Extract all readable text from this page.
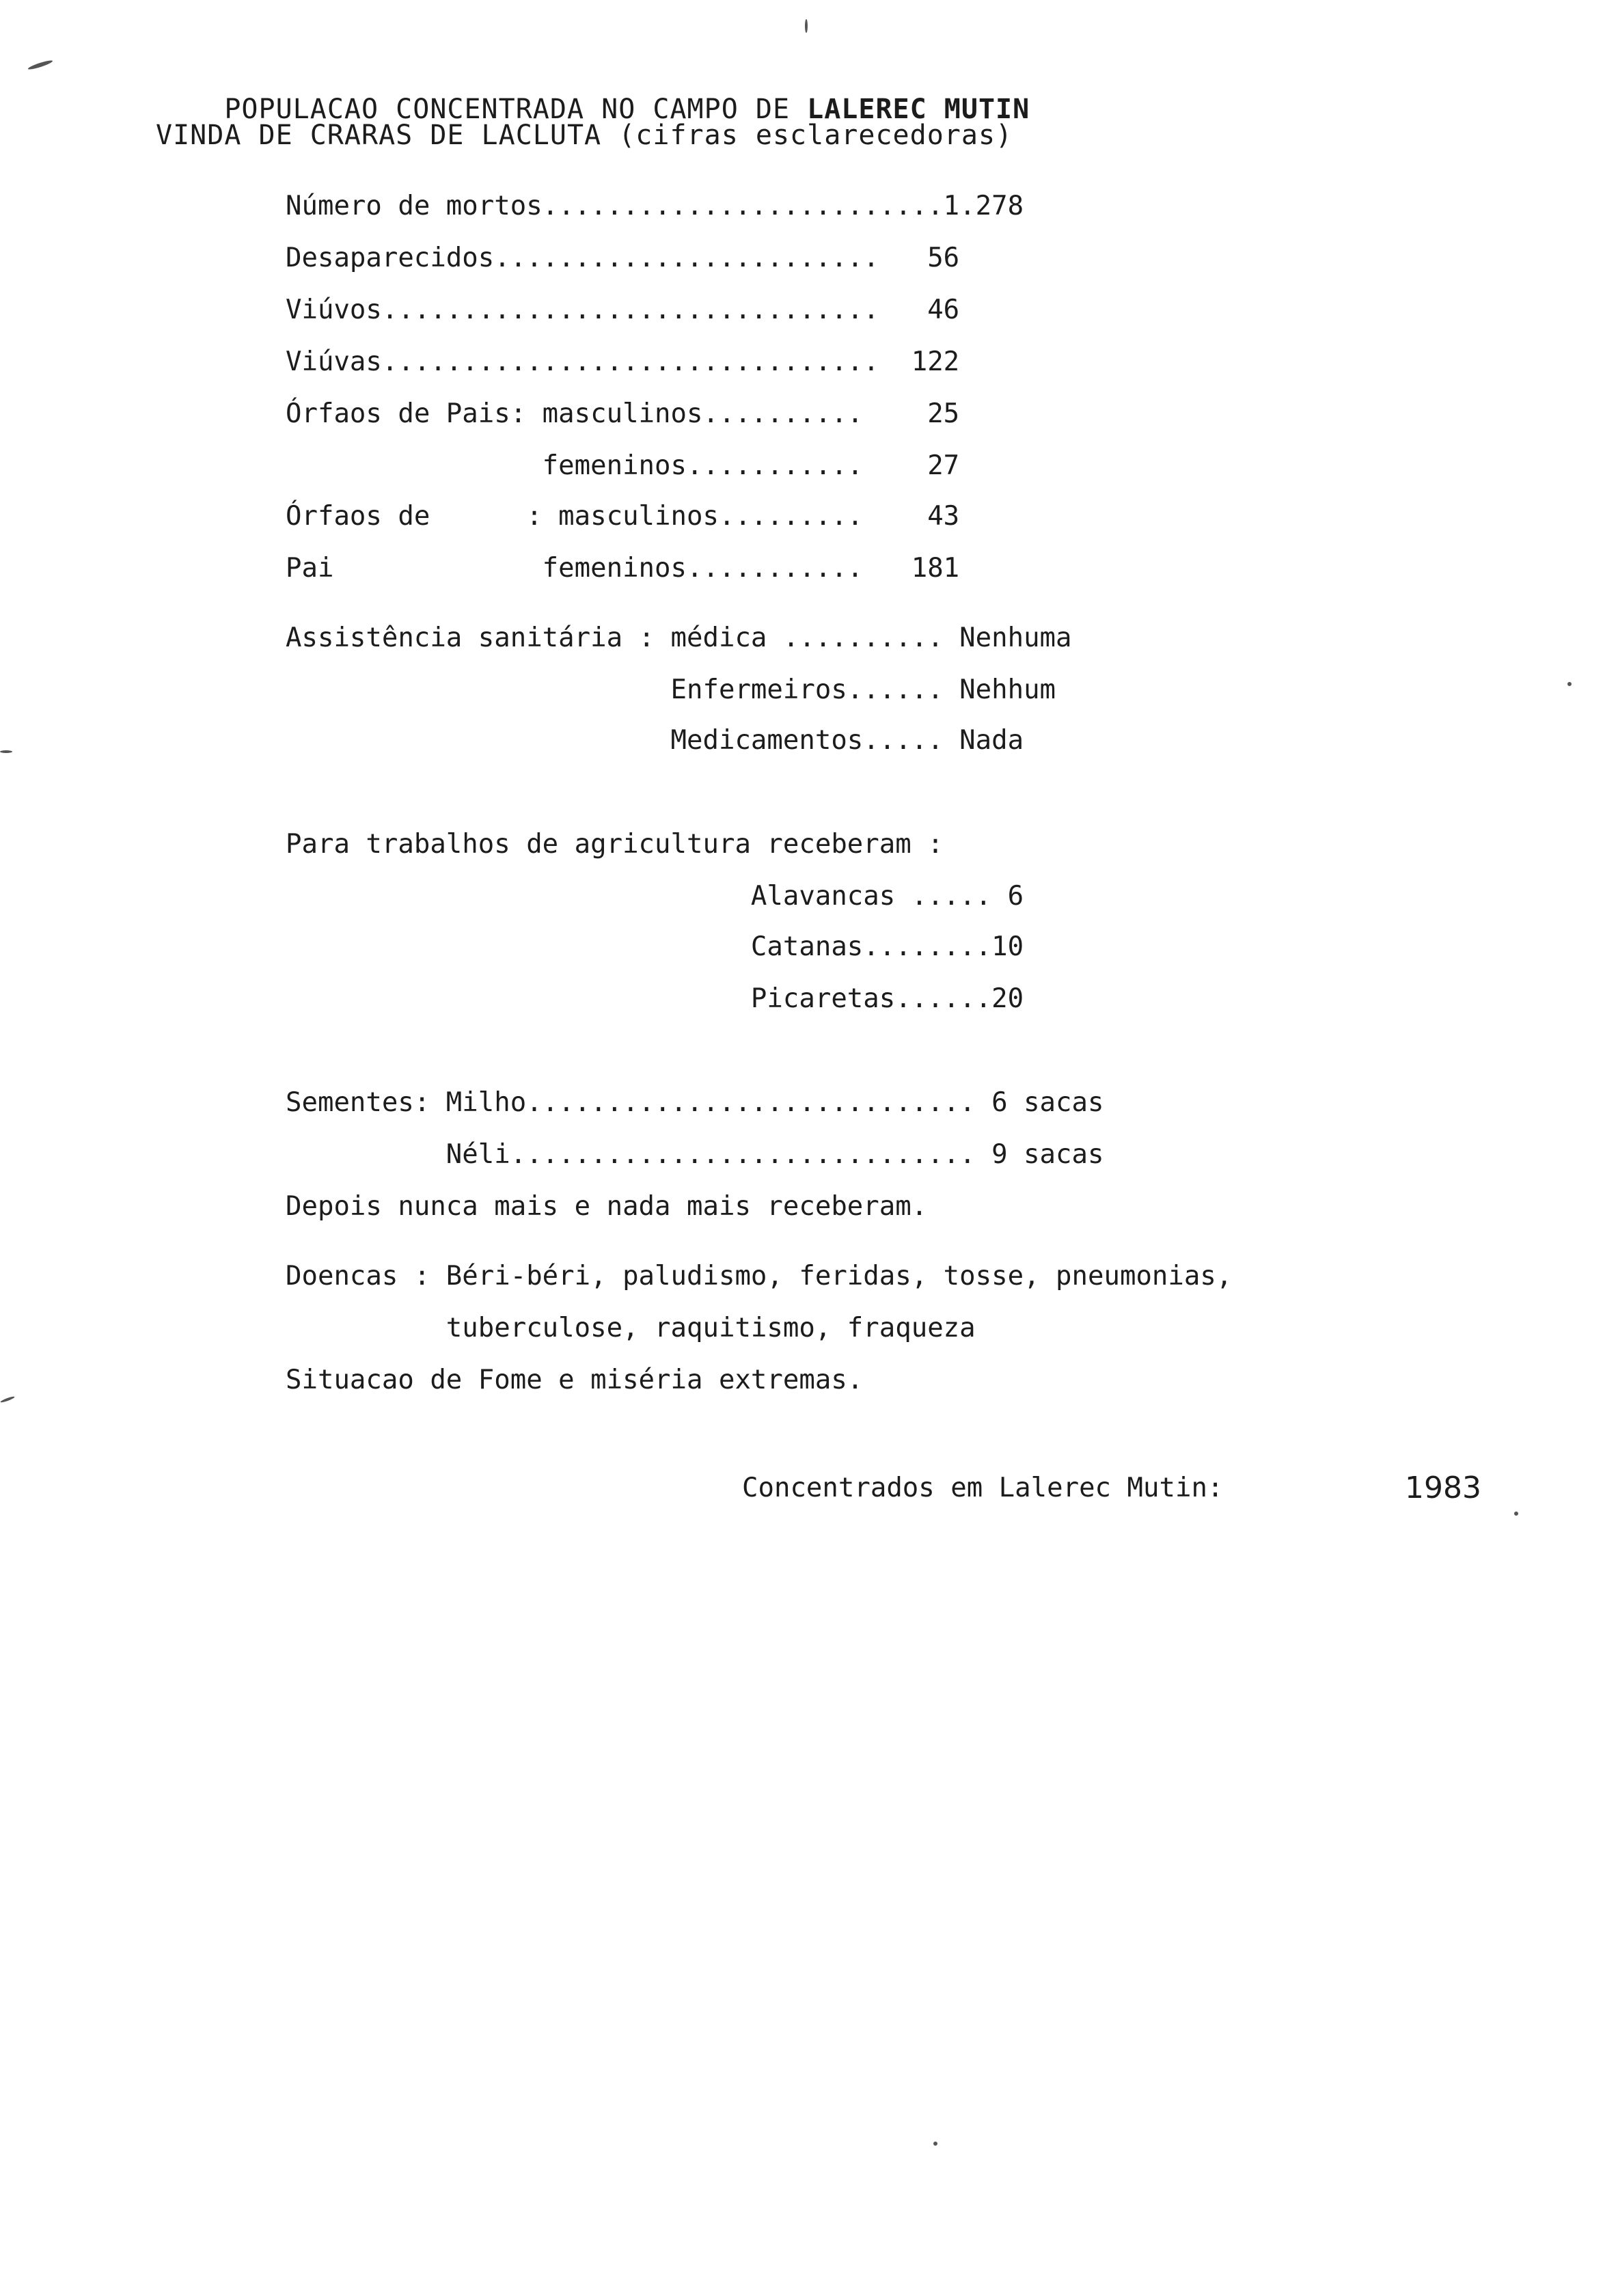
POPULACAO CONCENTRADA NO CAMPO DE LALEREC MUTIN

VINDA DE CRARAS DE LACLUTA (cifras esclarecedoras)
Número de mortos.........................1.278
Desaparecidos........................   56
Viúvos...............................   46
Viúvas...............................  122
Órfaos de Pais: masculinos..........    25
femeninos...........    27
Órfaos de      : masculinos.........    43
Pai             femeninos...........   181
Assistência sanitária : médica .......... Nenhuma
Enfermeiros...... Nehhum
Medicamentos..... Nada
Para trabalhos de agricultura receberam :
Alavancas ..... 6
Catanas........10
Picaretas......20
Sementes: Milho............................ 6 sacas
Néli............................. 9 sacas
Depois nunca mais e nada mais receberam.
Doencas : Béri-béri, paludismo, feridas, tosse, pneumonias,
tuberculose, raquitismo, fraqueza
Situacao de Fome e miséria extremas.
Concentrados em Lalerec Mutin:	1983
